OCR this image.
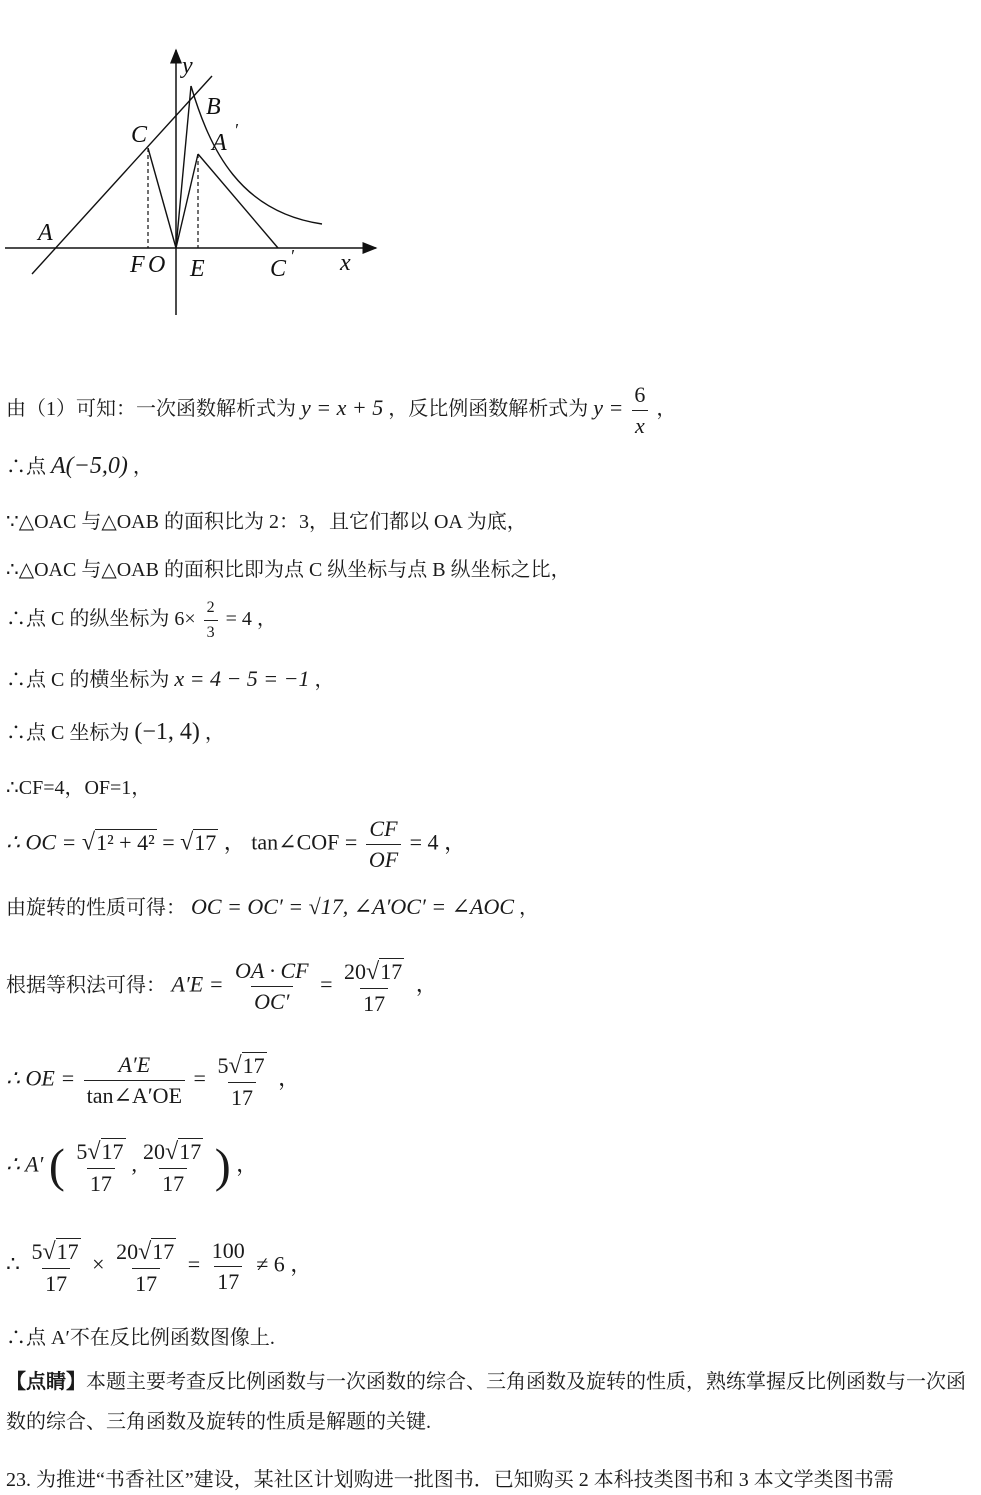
y
x
B
A ′
C
A
F O E	C ′
由（1）可知：一次函数解析式为 y = x + 5 ，反比例函数解析式为 $y = \frac{6}{x}$ ，
∴点 A(−5,0) ，
∵△OAC 与△OAB 的面积比为 2：3，且它们都以 OA 为底，
∴△OAC 与△OAB 的面积比即为点 C 纵坐标与点 B 纵坐标之比，
∴点 C 的纵坐标为 $6\times \frac{2}{3} = 4$ ，
∴点 C 的横坐标为 x = 4 − 5 = −1 ，
∴点 C 坐标为 (−1, 4) ，
∴CF=4，OF=1，
∴ OC = √1² + 4² = √17 ， tan∠COF = $\frac{CF}{OF} = 4$ ，
由旋转的性质可得： OC = OC′ = √17, ∠A′OC′ = ∠AOC ，
根据等积法可得： $A'E = \frac{OA \cdot CF}{OC'} = \frac{20√17}{17}$ ，
∴ OE = $\frac{A'E}{\tan\angle A'OE} = \frac{5√17}{17}$ ，
∴ A′ ( $\frac{5√17}{17}$ , $\frac{20√17}{17}$ ) ，
∴ $\frac{5√17}{17} \times \frac{20√17}{17} = \frac{100}{17} \ne 6$ ，
∴点 A′不在反比例函数图像上.
【点睛】本题主要考查反比例函数与一次函数的综合、三角函数及旋转的性质，熟练掌握反比例函数与一次函数的综合、三角函数及旋转的性质是解题的关键.
23. 为推进“书香社区”建设，某社区计划购进一批图书．已知购买 2 本科技类图书和 3 本文学类图书需
